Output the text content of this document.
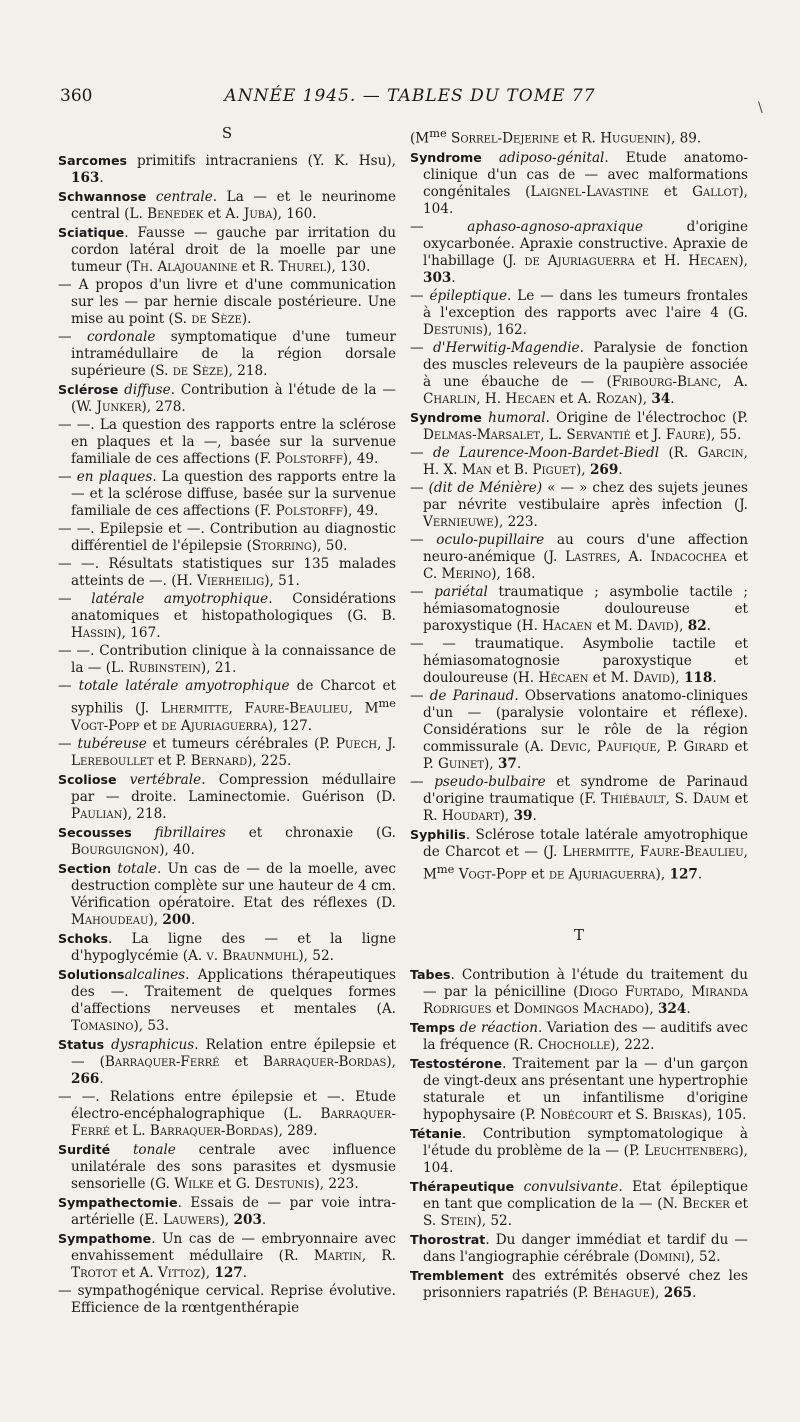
360	ANNÉE 1945. — TABLES DU TOME 77
\
S
Sarcomes primitifs intracraniens (Y. K. Hsu), 163.
Schwannose centrale. La — et le neurinome central (L. Benedek et A. Juba), 160.
Sciatique. Fausse — gauche par irritation du cordon latéral droit de la moelle par une tumeur (Th. Alajouanine et R. Thurel), 130.
— A propos d'un livre et d'une communication sur les — par hernie discale postérieure. Une mise au point (S. de Sèze).
— cordonale symptomatique d'une tumeur intramédullaire de la région dorsale supérieure (S. de Sèze), 218.
Sclérose diffuse. Contribution à l'étude de la — (W. Junker), 278.
— —. La question des rapports entre la sclérose en plaques et la —, basée sur la survenue familiale de ces affections (F. Polstorff), 49.
— en plaques. La question des rapports entre la — et la sclérose diffuse, basée sur la survenue familiale de ces affections (F. Polstorff), 49.
— —. Epilepsie et —. Contribution au diagnostic différentiel de l'épilepsie (Storring), 50.
— —. Résultats statistiques sur 135 malades atteints de —. (H. Vierheilig), 51.
— latérale amyotrophique. Considérations anatomiques et histopathologiques (G. B. Hassin), 167.
— —. Contribution clinique à la connaissance de la — (L. Rubinstein), 21.
— totale latérale amyotrophique de Charcot et syphilis (J. Lhermitte, Faure-Beaulieu, $M^{me}$ Vogt-Popp et de Ajuriaguerra), 127.
— tubéreuse et tumeurs cérébrales (P. Puech, J. Lereboullet et P. Bernard), 225.
Scoliose vertébrale. Compression médullaire par — droite. Laminectomie. Guérison (D. Paulian), 218.
Secousses fibrillaires et chronaxie (G. Bourguignon), 40.
Section totale. Un cas de — de la moelle, avec destruction complète sur une hauteur de 4 cm. Vérification opératoire. Etat des réflexes (D. Mahoudeau), 200.
Schoks. La ligne des — et la ligne d'hypoglycémie (A. v. Braunmuhl), 52.
Solutionsalcalines. Applications thérapeutiques des —. Traitement de quelques formes d'affections nerveuses et mentales (A. Tomasino), 53.
Status dysraphicus. Relation entre épilepsie et — (Barraquer-Ferré et Barraquer-Bordas), 266.
— —. Relations entre épilepsie et —. Etude électro-encéphalographique (L. Barraquer-Ferré et L. Barraquer-Bordas), 289.
Surdité tonale centrale avec influence unilatérale des sons parasites et dysmusie sensorielle (G. Wilke et G. Destunis), 223.
Sympathectomie. Essais de — par voie intra-artérielle (E. Lauwers), 203.
Sympathome. Un cas de — embryonnaire avec envahissement médullaire (R. Martin, R. Trotot et A. Vittoz), 127.
— sympathogénique cervical. Reprise évolutive. Efficience de la rœntgenthérapie
($M^{me}$ Sorrel-Dejerine et R. Huguenin), 89.
Syndrome adiposo-génital. Etude anatomo-clinique d'un cas de — avec malformations congénitales (Laignel-Lavastine et Gallot), 104.
— aphaso-agnoso-apraxique d'origine oxycarbonée. Apraxie constructive. Apraxie de l'habillage (J. de Ajuriaguerra et H. Hecaen), 303.
— épileptique. Le — dans les tumeurs frontales à l'exception des rapports avec l'aire 4 (G. Destunis), 162.
— d'Herwitig-Magendie. Paralysie de fonction des muscles releveurs de la paupière associée à une ébauche de — (Fribourg-Blanc, A. Charlin, H. Hecaen et A. Rozan), 34.
Syndrome humoral. Origine de l'électrochoc (P. Delmas-Marsalet, L. Servantié et J. Faure), 55.
— de Laurence-Moon-Bardet-Biedl (R. Garcin, H. X. Man et B. Piguet), 269.
— (dit de Ménière) « — » chez des sujets jeunes par névrite vestibulaire après infection (J. Vernieuwe), 223.
— oculo-pupillaire au cours d'une affection neuro-anémique (J. Lastres, A. Indacochea et C. Merino), 168.
— pariétal traumatique ; asymbolie tactile ; hémiasomatognosie douloureuse et paroxystique (H. Hacaen et M. David), 82.
— — traumatique. Asymbolie tactile et hémiasomatognosie paroxystique et douloureuse (H. Hécaen et M. David), 118.
— de Parinaud. Observations anatomo-cliniques d'un — (paralysie volontaire et réflexe). Considérations sur le rôle de la région commissurale (A. Devic, Paufique, P. Girard et P. Guinet), 37.
— pseudo-bulbaire et syndrome de Parinaud d'origine traumatique (F. Thiébault, S. Daum et R. Houdart), 39.
Syphilis. Sclérose totale latérale amyotrophique de Charcot et — (J. Lhermitte, Faure-Beaulieu, $M^{me}$ Vogt-Popp et de Ajuriaguerra), 127.
T
Tabes. Contribution à l'étude du traitement du — par la pénicilline (Diogo Furtado, Miranda Rodrigues et Domingos Machado), 324.
Temps de réaction. Variation des — auditifs avec la fréquence (R. Chocholle), 222.
Testostérone. Traitement par la — d'un garçon de vingt-deux ans présentant une hypertrophie staturale et un infantilisme d'origine hypophysaire (P. Nobécourt et S. Briskas), 105.
Tétanie. Contribution symptomatologique à l'étude du problème de la — (P. Leuchtenberg), 104.
Thérapeutique convulsivante. Etat épileptique en tant que complication de la — (N. Becker et S. Stein), 52.
Thorostrat. Du danger immédiat et tardif du — dans l'angiographie cérébrale (Domini), 52.
Tremblement des extrémités observé chez les prisonniers rapatriés (P. Béhague), 265.
